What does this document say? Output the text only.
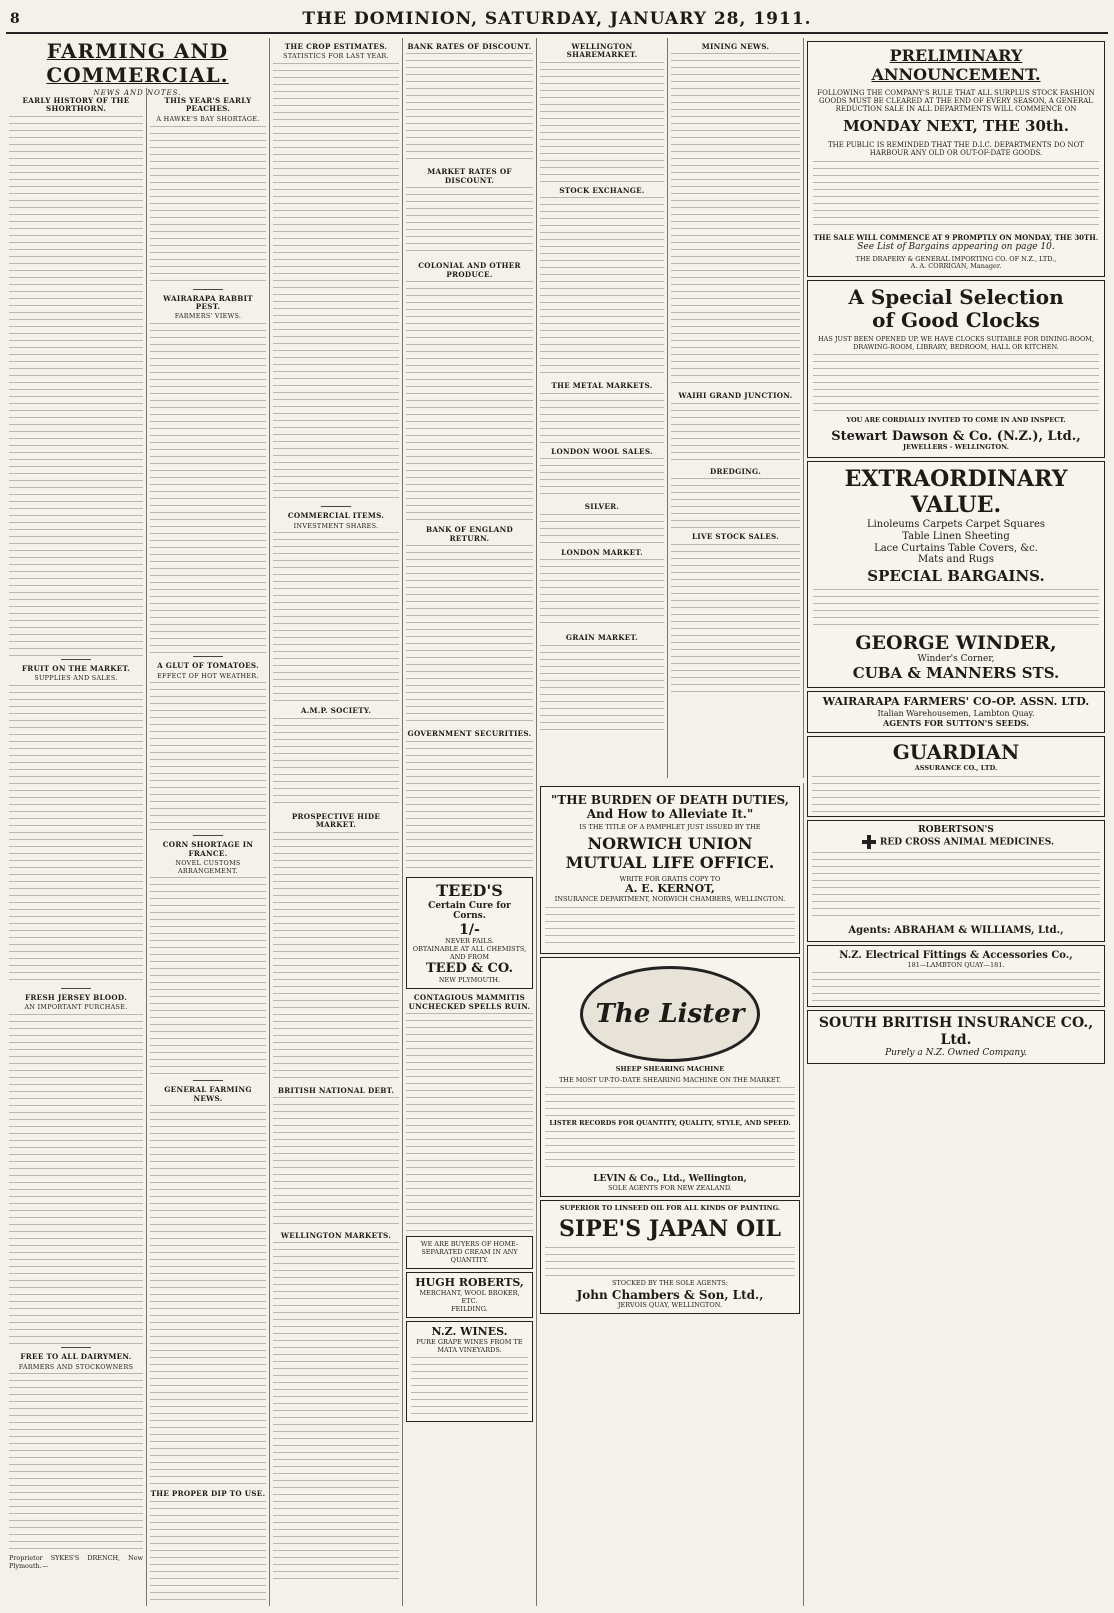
8	THE DOMINION, SATURDAY, JANUARY 28, 1911.
FARMING AND COMMERCIAL.
NEWS AND NOTES.
EARLY HISTORY OF THE SHORTHORN.
FRUIT ON THE MARKET.
SUPPLIES AND SALES.
FRESH JERSEY BLOOD.
AN IMPORTANT PURCHASE.
FREE TO ALL DAIRYMEN.
FARMERS AND STOCKOWNERS
Proprietor SYKES'S DRENCH, New Plymouth.—
THIS YEAR'S EARLY PEACHES.
A HAWKE'S BAY SHORTAGE.
WAIRARAPA RABBIT PEST.
FARMERS' VIEWS.
A GLUT OF TOMATOES.
EFFECT OF HOT WEATHER.
CORN SHORTAGE IN FRANCE.
NOVEL CUSTOMS ARRANGEMENT.
GENERAL FARMING NEWS.
THE PROPER DIP TO USE.
THE CROP ESTIMATES.
STATISTICS FOR LAST YEAR.
COMMERCIAL ITEMS.
INVESTMENT SHARES.
A.M.P. SOCIETY.
PROSPECTIVE HIDE MARKET.
BRITISH NATIONAL DEBT.
WELLINGTON MARKETS.
BANK RATES OF DISCOUNT.
MARKET RATES OF DISCOUNT.
COLONIAL AND OTHER PRODUCE.
BANK OF ENGLAND RETURN.
GOVERNMENT SECURITIES.
TEED'S
Certain Cure for Corns.
1/-
NEVER FAILS.
OBTAINABLE AT ALL CHEMISTS, AND FROM
TEED & CO.
NEW PLYMOUTH.
CONTAGIOUS MAMMITIS UNCHECKED SPELLS RUIN.
WE ARE BUYERS OF HOME-SEPARATED CREAM IN ANY QUANTITY.
HUGH ROBERTS,
MERCHANT, WOOL BROKER, ETC.
FEILDING.
N.Z. WINES.
PURE GRAPE WINES FROM TE MATA VINEYARDS.
WELLINGTON SHAREMARKET.
STOCK EXCHANGE.
THE METAL MARKETS.
LONDON WOOL SALES.
SILVER.
LONDON MARKET.
GRAIN MARKET.
MINING NEWS.
WAIHI GRAND JUNCTION.
DREDGING.
LIVE STOCK SALES.
"THE BURDEN OF DEATH DUTIES,
And How to Alleviate It."
IS THE TITLE OF A PAMPHLET JUST ISSUED BY THE
NORWICH UNION
MUTUAL LIFE OFFICE.
WRITE FOR GRATIS COPY TO
A. E. KERNOT,
INSURANCE DEPARTMENT, NORWICH CHAMBERS, WELLINGTON.
The Lister
SHEEP SHEARING MACHINE
THE MOST UP-TO-DATE SHEARING MACHINE ON THE MARKET.
LISTER RECORDS FOR QUANTITY, QUALITY, STYLE, AND SPEED.
LEVIN & Co., Ltd., Wellington,
SOLE AGENTS FOR NEW ZEALAND.
SUPERIOR TO LINSEED OIL FOR ALL KINDS OF PAINTING.
SIPE'S JAPAN OIL
STOCKED BY THE SOLE AGENTS:
John Chambers & Son, Ltd.,
JERVOIS QUAY, WELLINGTON.
PRELIMINARY ANNOUNCEMENT.
FOLLOWING THE COMPANY'S RULE THAT ALL SURPLUS STOCK FASHION GOODS MUST BE CLEARED AT THE END OF EVERY SEASON, A GENERAL REDUCTION SALE IN ALL DEPARTMENTS WILL COMMENCE ON
MONDAY NEXT, THE 30th.
THE PUBLIC IS REMINDED THAT THE D.I.C. DEPARTMENTS DO NOT HARBOUR ANY OLD OR OUT-OF-DATE GOODS.
THE SALE WILL COMMENCE AT 9 PROMPTLY ON MONDAY, THE 30TH.
See List of Bargains appearing on page 10.
THE DRAPERY & GENERAL IMPORTING CO. OF N.Z., LTD.,
A. A. CORRIGAN, Manager.
A Special Selection
of Good Clocks
HAS JUST BEEN OPENED UP. WE HAVE CLOCKS SUITABLE FOR DINING-ROOM, DRAWING-ROOM, LIBRARY, BEDROOM, HALL OR KITCHEN.
YOU ARE CORDIALLY INVITED TO COME IN AND INSPECT.
Stewart Dawson & Co. (N.Z.), Ltd.,
JEWELLERS - WELLINGTON.
EXTRAORDINARY
VALUE.
Linoleums Carpets Carpet Squares
Table Linen Sheeting
Lace Curtains Table Covers, &c.
Mats and Rugs
SPECIAL BARGAINS.
GEORGE WINDER,
Winder's Corner,
CUBA & MANNERS STS.
WAIRARAPA FARMERS' CO-OP. ASSN. LTD.
Italian Warehousemen, Lambton Quay.
AGENTS FOR SUTTON'S SEEDS.
GUARDIAN
ASSURANCE CO., LTD.
ROBERTSON'S
RED CROSS ANIMAL MEDICINES.
Agents: ABRAHAM & WILLIAMS, Ltd.,
N.Z. Electrical Fittings & Accessories Co.,
181—LAMBTON QUAY—181.
SOUTH BRITISH INSURANCE CO., Ltd.
Purely a N.Z. Owned Company.
